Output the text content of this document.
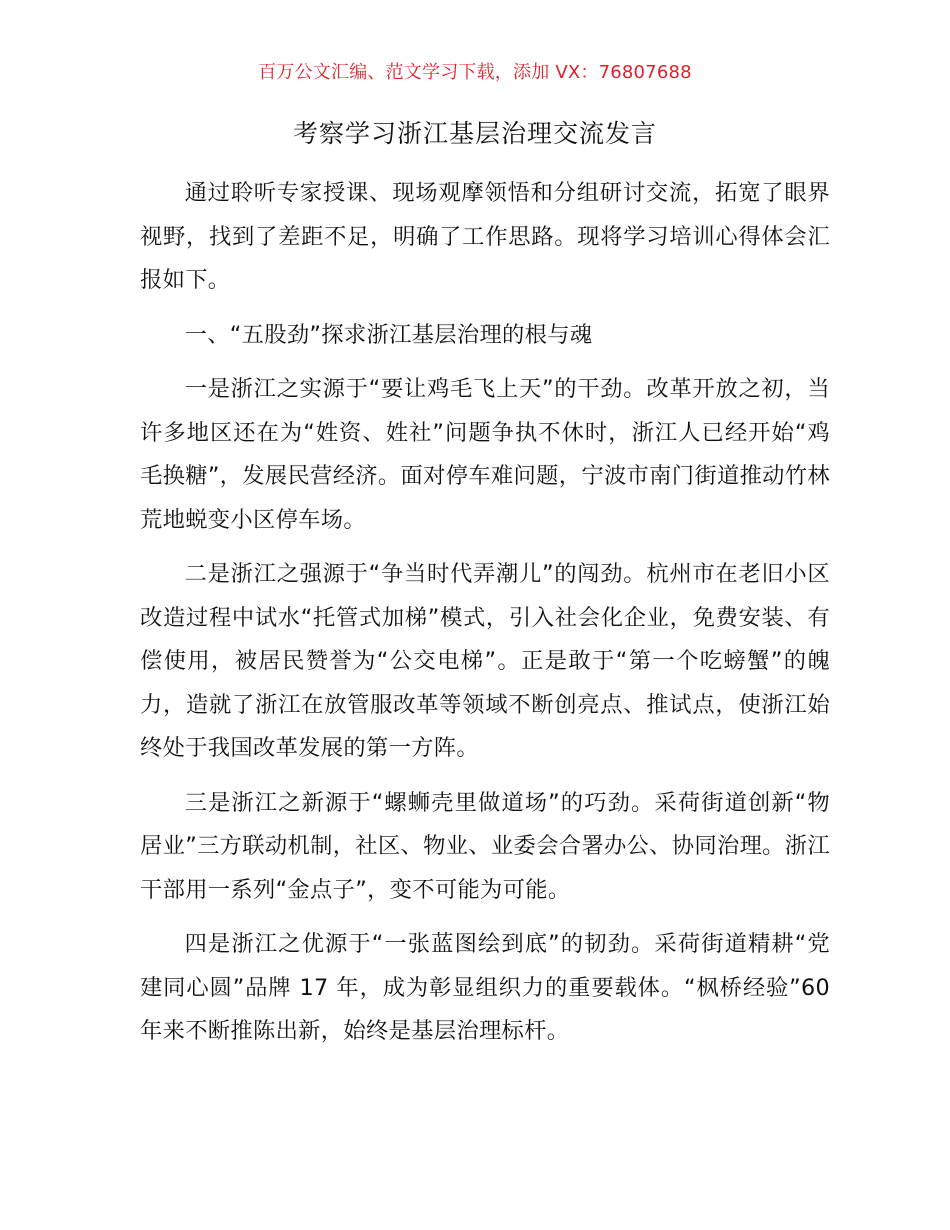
百万公文汇编、范文学习下载，添加 VX：76807688
考察学习浙江基层治理交流发言

通过聆听专家授课、现场观摩领悟和分组研讨交流，拓宽了眼界视野，找到了差距不足，明确了工作思路。现将学习培训心得体会汇报如下。

一、“五股劲”探求浙江基层治理的根与魂

一是浙江之实源于“要让鸡毛飞上天”的干劲。改革开放之初，当许多地区还在为“姓资、姓社”问题争执不休时，浙江人已经开始“鸡毛换糖”，发展民营经济。面对停车难问题，宁波市南门街道推动竹林荒地蜕变小区停车场。

二是浙江之强源于“争当时代弄潮儿”的闯劲。杭州市在老旧小区改造过程中试水“托管式加梯”模式，引入社会化企业，免费安装、有偿使用，被居民赞誉为“公交电梯”。正是敢于“第一个吃螃蟹”的魄力，造就了浙江在放管服改革等领域不断创亮点、推试点，使浙江始终处于我国改革发展的第一方阵。

三是浙江之新源于“螺蛳壳里做道场”的巧劲。采荷街道创新“物居业”三方联动机制，社区、物业、业委会合署办公、协同治理。浙江干部用一系列“金点子”，变不可能为可能。

四是浙江之优源于“一张蓝图绘到底”的韧劲。采荷街道精耕“党建同心圆”品牌 17 年，成为彰显组织力的重要载体。“枫桥经验”60 年来不断推陈出新，始终是基层治理标杆。
